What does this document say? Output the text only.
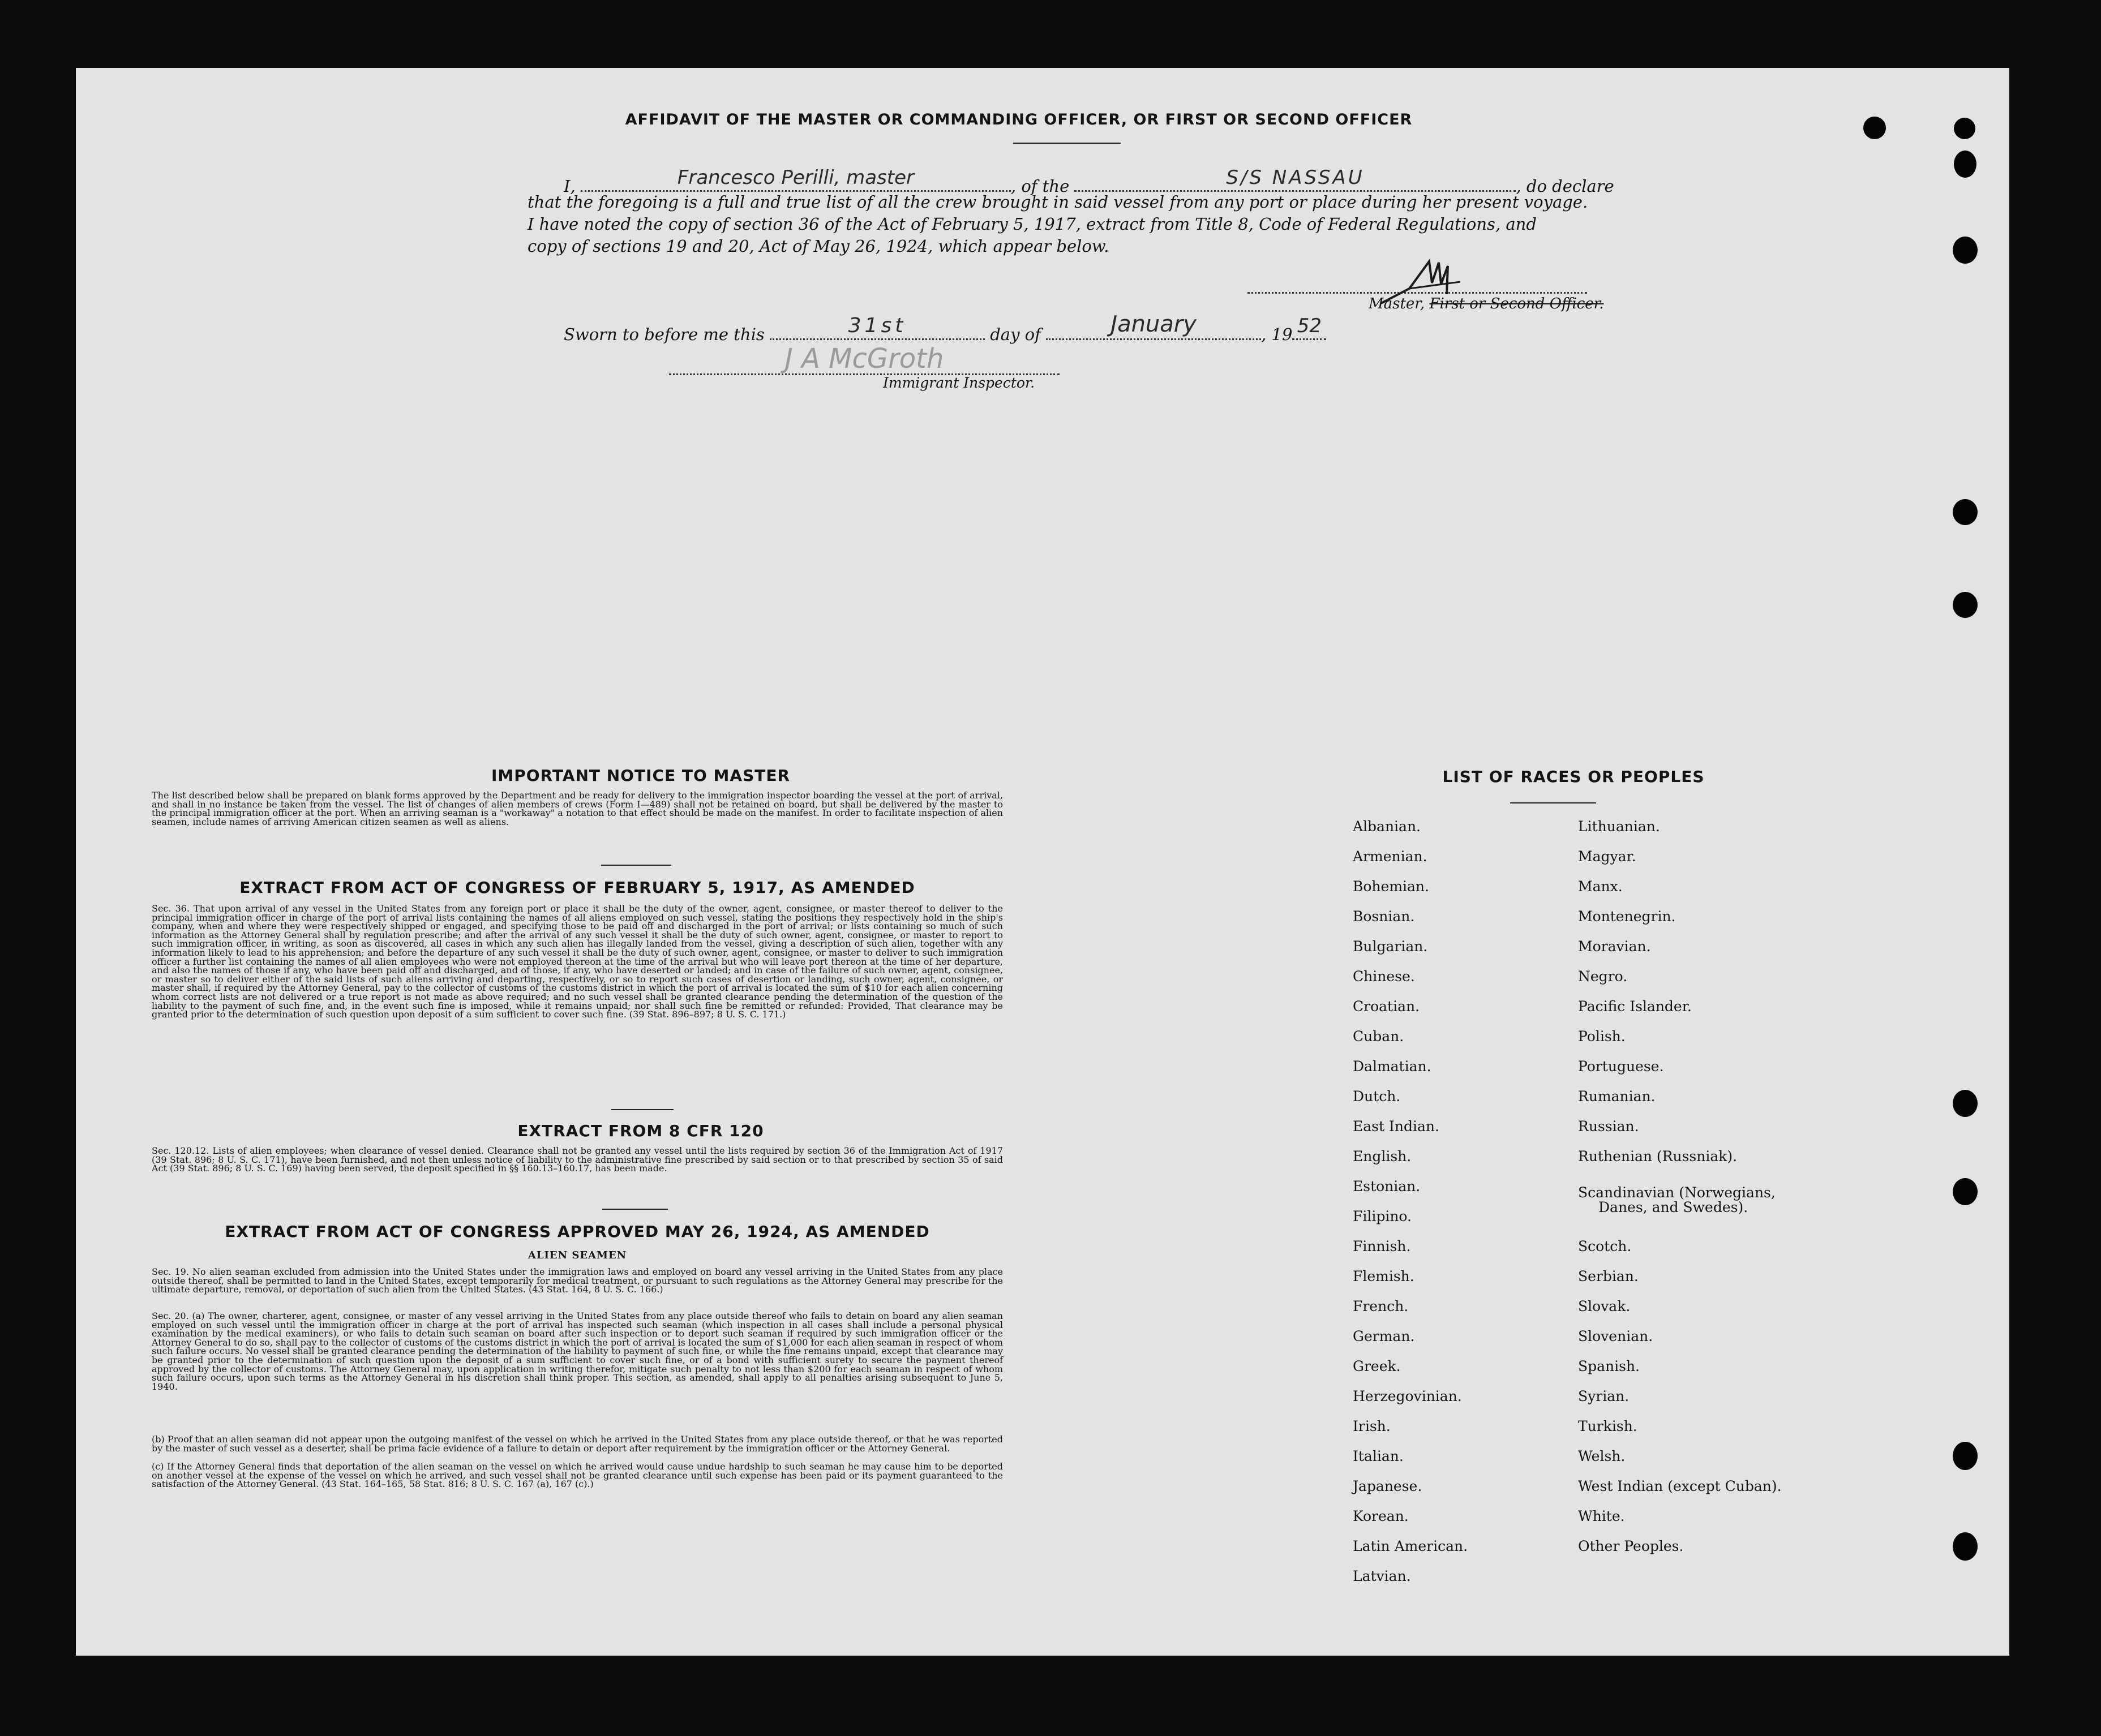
AFFIDAVIT OF THE MASTER OR COMMANDING OFFICER, OR FIRST OR SECOND OFFICER
I,	Francesco Perilli, master	, of the	S/S NASSAU	, do declare
that the foregoing is a full and true list of all the crew brought in said vessel from any port or place during her present voyage.
I have noted the copy of section 36 of the Act of February 5, 1917, extract from Title 8, Code of Federal Regulations, and
copy of sections 19 and 20, Act of May 26, 1924, which appear below.
Master, First or Second Officer.
Sworn to before me this	31st	day of	January	, 19 52
J A McGroth
Immigrant Inspector.
IMPORTANT NOTICE TO MASTER
The list described below shall be prepared on blank forms approved by the Department and be ready for delivery to the immigration inspector boarding the vessel at the port of arrival, and shall in no instance be taken from the vessel. The list of changes of alien members of crews (Form I—489) shall not be retained on board, but shall be delivered by the master to the principal immigration officer at the port. When an arriving seaman is a "workaway" a notation to that effect should be made on the manifest. In order to facilitate inspection of alien seamen, include names of arriving American citizen seamen as well as aliens.
EXTRACT FROM ACT OF CONGRESS OF FEBRUARY 5, 1917, AS AMENDED
Sec. 36. That upon arrival of any vessel in the United States from any foreign port or place it shall be the duty of the owner, agent, consignee, or master thereof to deliver to the principal immigration officer in charge of the port of arrival lists containing the names of all aliens employed on such vessel, stating the positions they respectively hold in the ship's company, when and where they were respectively shipped or engaged, and specifying those to be paid off and discharged in the port of arrival; or lists containing so much of such information as the Attorney General shall by regulation prescribe; and after the arrival of any such vessel it shall be the duty of such owner, agent, consignee, or master to report to such immigration officer, in writing, as soon as discovered, all cases in which any such alien has illegally landed from the vessel, giving a description of such alien, together with any information likely to lead to his apprehension; and before the departure of any such vessel it shall be the duty of such owner, agent, consignee, or master to deliver to such immigration officer a further list containing the names of all alien employees who were not employed thereon at the time of the arrival but who will leave port thereon at the time of her departure, and also the names of those if any, who have been paid off and discharged, and of those, if any, who have deserted or landed; and in case of the failure of such owner, agent, consignee, or master so to deliver either of the said lists of such aliens arriving and departing, respectively, or so to report such cases of desertion or landing, such owner, agent, consignee, or master shall, if required by the Attorney General, pay to the collector of customs of the customs district in which the port of arrival is located the sum of $10 for each alien concerning whom correct lists are not delivered or a true report is not made as above required; and no such vessel shall be granted clearance pending the determination of the question of the liability to the payment of such fine, and, in the event such fine is imposed, while it remains unpaid; nor shall such fine be remitted or refunded: Provided, That clearance may be granted prior to the determination of such question upon deposit of a sum sufficient to cover such fine. (39 Stat. 896–897; 8 U. S. C. 171.)
EXTRACT FROM 8 CFR 120
Sec. 120.12. Lists of alien employees; when clearance of vessel denied. Clearance shall not be granted any vessel until the lists required by section 36 of the Immigration Act of 1917 (39 Stat. 896; 8 U. S. C. 171), have been furnished, and not then unless notice of liability to the administrative fine prescribed by said section or to that prescribed by section 35 of said Act (39 Stat. 896; 8 U. S. C. 169) having been served, the deposit specified in §§ 160.13–160.17, has been made.
EXTRACT FROM ACT OF CONGRESS APPROVED MAY 26, 1924, AS AMENDED
ALIEN SEAMEN
Sec. 19. No alien seaman excluded from admission into the United States under the immigration laws and employed on board any vessel arriving in the United States from any place outside thereof, shall be permitted to land in the United States, except temporarily for medical treatment, or pursuant to such regulations as the Attorney General may prescribe for the ultimate departure, removal, or deportation of such alien from the United States. (43 Stat. 164, 8 U. S. C. 166.)
Sec. 20. (a) The owner, charterer, agent, consignee, or master of any vessel arriving in the United States from any place outside thereof who fails to detain on board any alien seaman employed on such vessel until the immigration officer in charge at the port of arrival has inspected such seaman (which inspection in all cases shall include a personal physical examination by the medical examiners), or who fails to detain such seaman on board after such inspection or to deport such seaman if required by such immigration officer or the Attorney General to do so, shall pay to the collector of customs of the customs district in which the port of arrival is located the sum of $1,000 for each alien seaman in respect of whom such failure occurs. No vessel shall be granted clearance pending the determination of the liability to payment of such fine, or while the fine remains unpaid, except that clearance may be granted prior to the determination of such question upon the deposit of a sum sufficient to cover such fine, or of a bond with sufficient surety to secure the payment thereof approved by the collector of customs. The Attorney General may, upon application in writing therefor, mitigate such penalty to not less than $200 for each seaman in respect of whom such failure occurs, upon such terms as the Attorney General in his discretion shall think proper. This section, as amended, shall apply to all penalties arising subsequent to June 5, 1940.
(b) Proof that an alien seaman did not appear upon the outgoing manifest of the vessel on which he arrived in the United States from any place outside thereof, or that he was reported by the master of such vessel as a deserter, shall be prima facie evidence of a failure to detain or deport after requirement by the immigration officer or the Attorney General.
(c) If the Attorney General finds that deportation of the alien seaman on the vessel on which he arrived would cause undue hardship to such seaman he may cause him to be deported on another vessel at the expense of the vessel on which he arrived, and such vessel shall not be granted clearance until such expense has been paid or its payment guaranteed to the satisfaction of the Attorney General. (43 Stat. 164–165, 58 Stat. 816; 8 U. S. C. 167 (a), 167 (c).)
LIST OF RACES OR PEOPLES
Albanian.
Armenian.
Bohemian.
Bosnian.
Bulgarian.
Chinese.
Croatian.
Cuban.
Dalmatian.
Dutch.
East Indian.
English.
Estonian.
Filipino.
Finnish.
Flemish.
French.
German.
Greek.
Herzegovinian.
Irish.
Italian.
Japanese.
Korean.
Latin American.
Latvian.
Lithuanian.
Magyar.
Manx.
Montenegrin.
Moravian.
Negro.
Pacific Islander.
Polish.
Portuguese.
Rumanian.
Russian.
Ruthenian (Russniak).
Scandinavian (Norwegians,
Danes, and Swedes).
Scotch.
Serbian.
Slovak.
Slovenian.
Spanish.
Syrian.
Turkish.
Welsh.
West Indian (except Cuban).
White.
Other Peoples.
